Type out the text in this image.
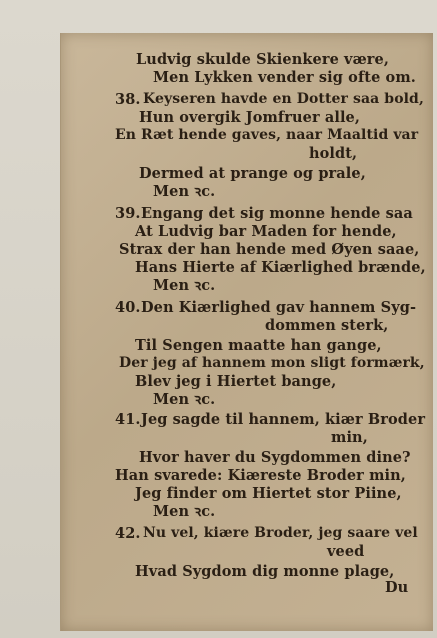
Ludvig skulde Skienkere være,
Men Lykken vender sig ofte om.
38. Keyseren havde en Dotter saa bold,
Hun overgik Jomfruer alle,
En Ræt hende gaves, naar Maaltid var
holdt,
Dermed at prange og prale,
Men ꝛc.
39. Engang det sig monne hende saa
At Ludvig bar Maden for hende,
Strax der han hende med Øyen saae,
Hans Hierte af Kiærlighed brænde,
Men ꝛc.
40. Den Kiærlighed gav hannem Syg-
dommen sterk,
Til Sengen maatte han gange,
Der jeg af hannem mon sligt formærk,
Blev jeg i Hiertet bange,
Men ꝛc.
41. Jeg sagde til hannem, kiær Broder
min,
Hvor haver du Sygdommen dine?
Han svarede: Kiæreste Broder min,
Jeg finder om Hiertet stor Piine,
Men ꝛc.
42. Nu vel, kiære Broder, jeg saare vel
veed
Hvad Sygdom dig monne plage,
Du
